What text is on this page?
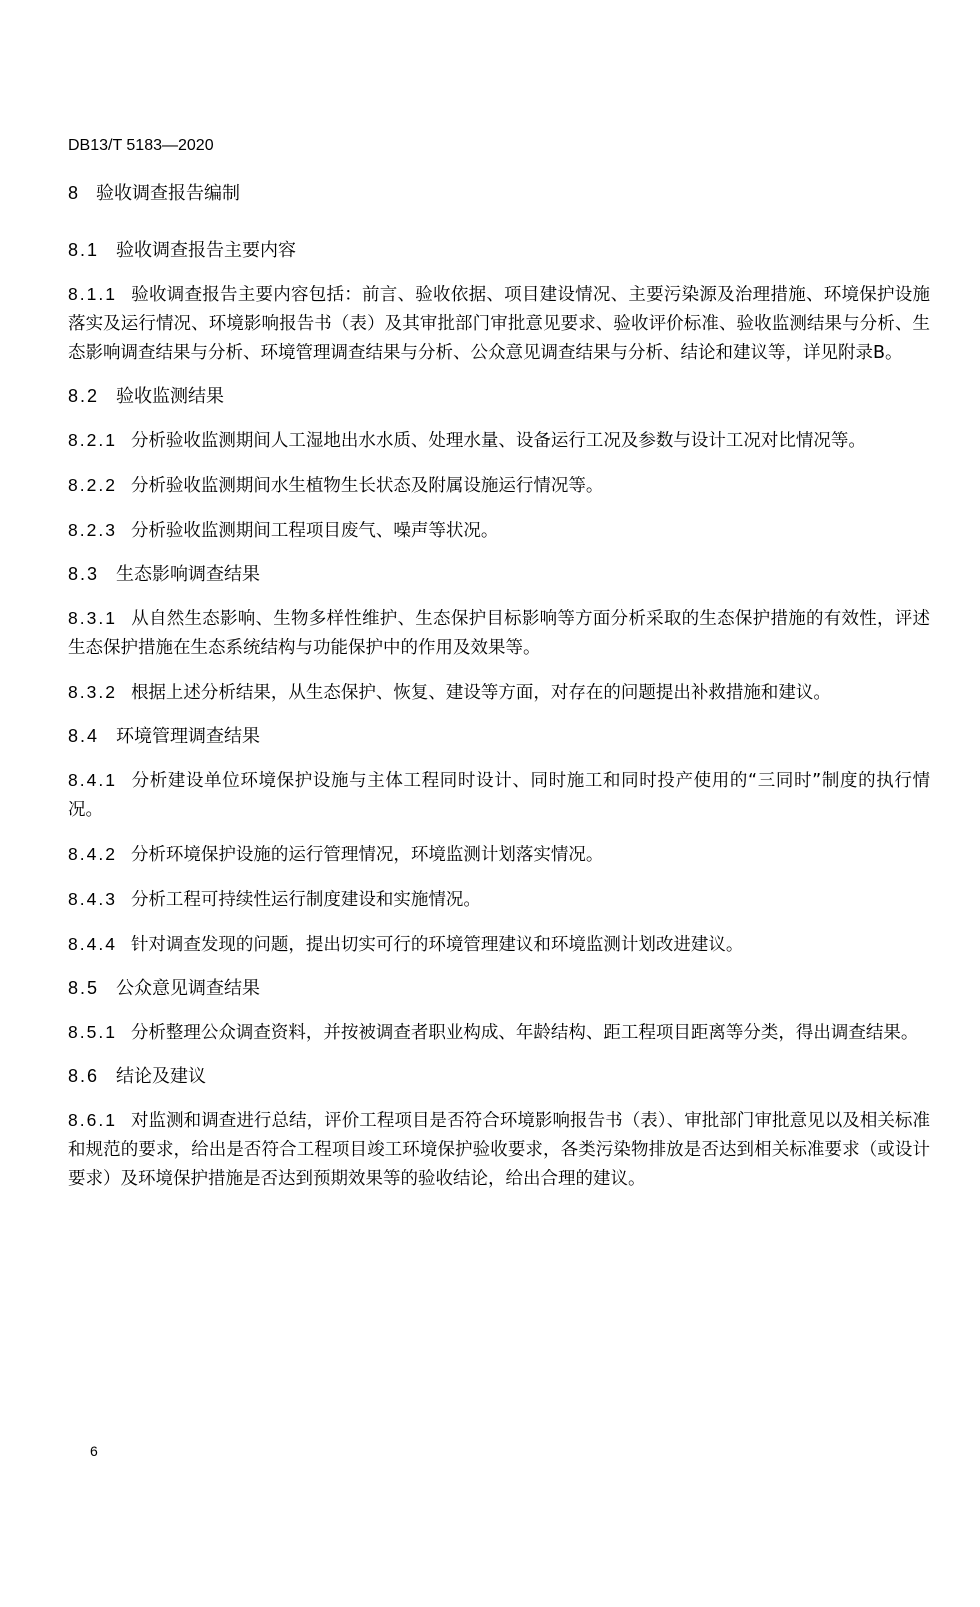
DB13/T 5183—2020
8 验收调查报告编制
8.1 验收调查报告主要内容
8.1.1 验收调查报告主要内容包括：前言、验收依据、项目建设情况、主要污染源及治理措施、环境保护设施落实及运行情况、环境影响报告书（表）及其审批部门审批意见要求、验收评价标准、验收监测结果与分析、生态影响调查结果与分析、环境管理调查结果与分析、公众意见调查结果与分析、结论和建议等，详见附录B。
8.2 验收监测结果
8.2.1 分析验收监测期间人工湿地出水水质、处理水量、设备运行工况及参数与设计工况对比情况等。
8.2.2 分析验收监测期间水生植物生长状态及附属设施运行情况等。
8.2.3 分析验收监测期间工程项目废气、噪声等状况。
8.3 生态影响调查结果
8.3.1 从自然生态影响、生物多样性维护、生态保护目标影响等方面分析采取的生态保护措施的有效性，评述生态保护措施在生态系统结构与功能保护中的作用及效果等。
8.3.2 根据上述分析结果，从生态保护、恢复、建设等方面，对存在的问题提出补救措施和建议。
8.4 环境管理调查结果
8.4.1 分析建设单位环境保护设施与主体工程同时设计、同时施工和同时投产使用的“三同时”制度的执行情况。
8.4.2 分析环境保护设施的运行管理情况，环境监测计划落实情况。
8.4.3 分析工程可持续性运行制度建设和实施情况。
8.4.4 针对调查发现的问题，提出切实可行的环境管理建议和环境监测计划改进建议。
8.5 公众意见调查结果
8.5.1 分析整理公众调查资料，并按被调查者职业构成、年龄结构、距工程项目距离等分类，得出调查结果。
8.6 结论及建议
8.6.1 对监测和调查进行总结，评价工程项目是否符合环境影响报告书（表）、审批部门审批意见以及相关标准和规范的要求，给出是否符合工程项目竣工环境保护验收要求，各类污染物排放是否达到相关标准要求（或设计要求）及环境保护措施是否达到预期效果等的验收结论，给出合理的建议。
6
